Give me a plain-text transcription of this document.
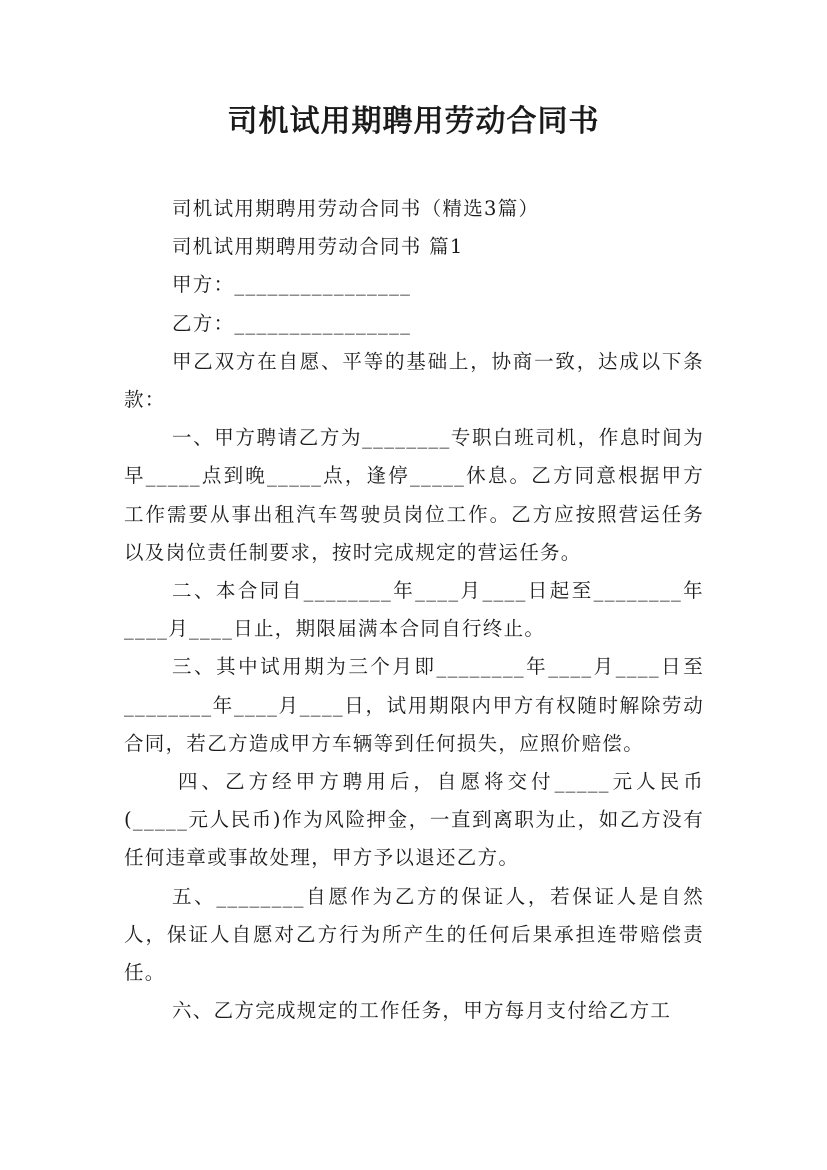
司机试用期聘用劳动合同书

司机试用期聘用劳动合同书（精选3篇）

司机试用期聘用劳动合同书 篇1

甲方：________________

乙方：________________

甲乙双方在自愿、平等的基础上，协商一致，达成以下条款：

一、甲方聘请乙方为________专职白班司机，作息时间为早_____点到晚_____点，逢停_____休息。乙方同意根据甲方工作需要从事出租汽车驾驶员岗位工作。乙方应按照营运任务以及岗位责任制要求，按时完成规定的营运任务。

二、本合同自________年____月____日起至________年____月____日止，期限届满本合同自行终止。

三、其中试用期为三个月即________年____月____日至________年____月____日，试用期限内甲方有权随时解除劳动合同，若乙方造成甲方车辆等到任何损失，应照价赔偿。

四、乙方经甲方聘用后，自愿将交付_____元人民币(_____元人民币)作为风险押金，一直到离职为止，如乙方没有任何违章或事故处理，甲方予以退还乙方。

五、________自愿作为乙方的保证人，若保证人是自然人，保证人自愿对乙方行为所产生的任何后果承担连带赔偿责任。

六、乙方完成规定的工作任务，甲方每月支付给乙方工
